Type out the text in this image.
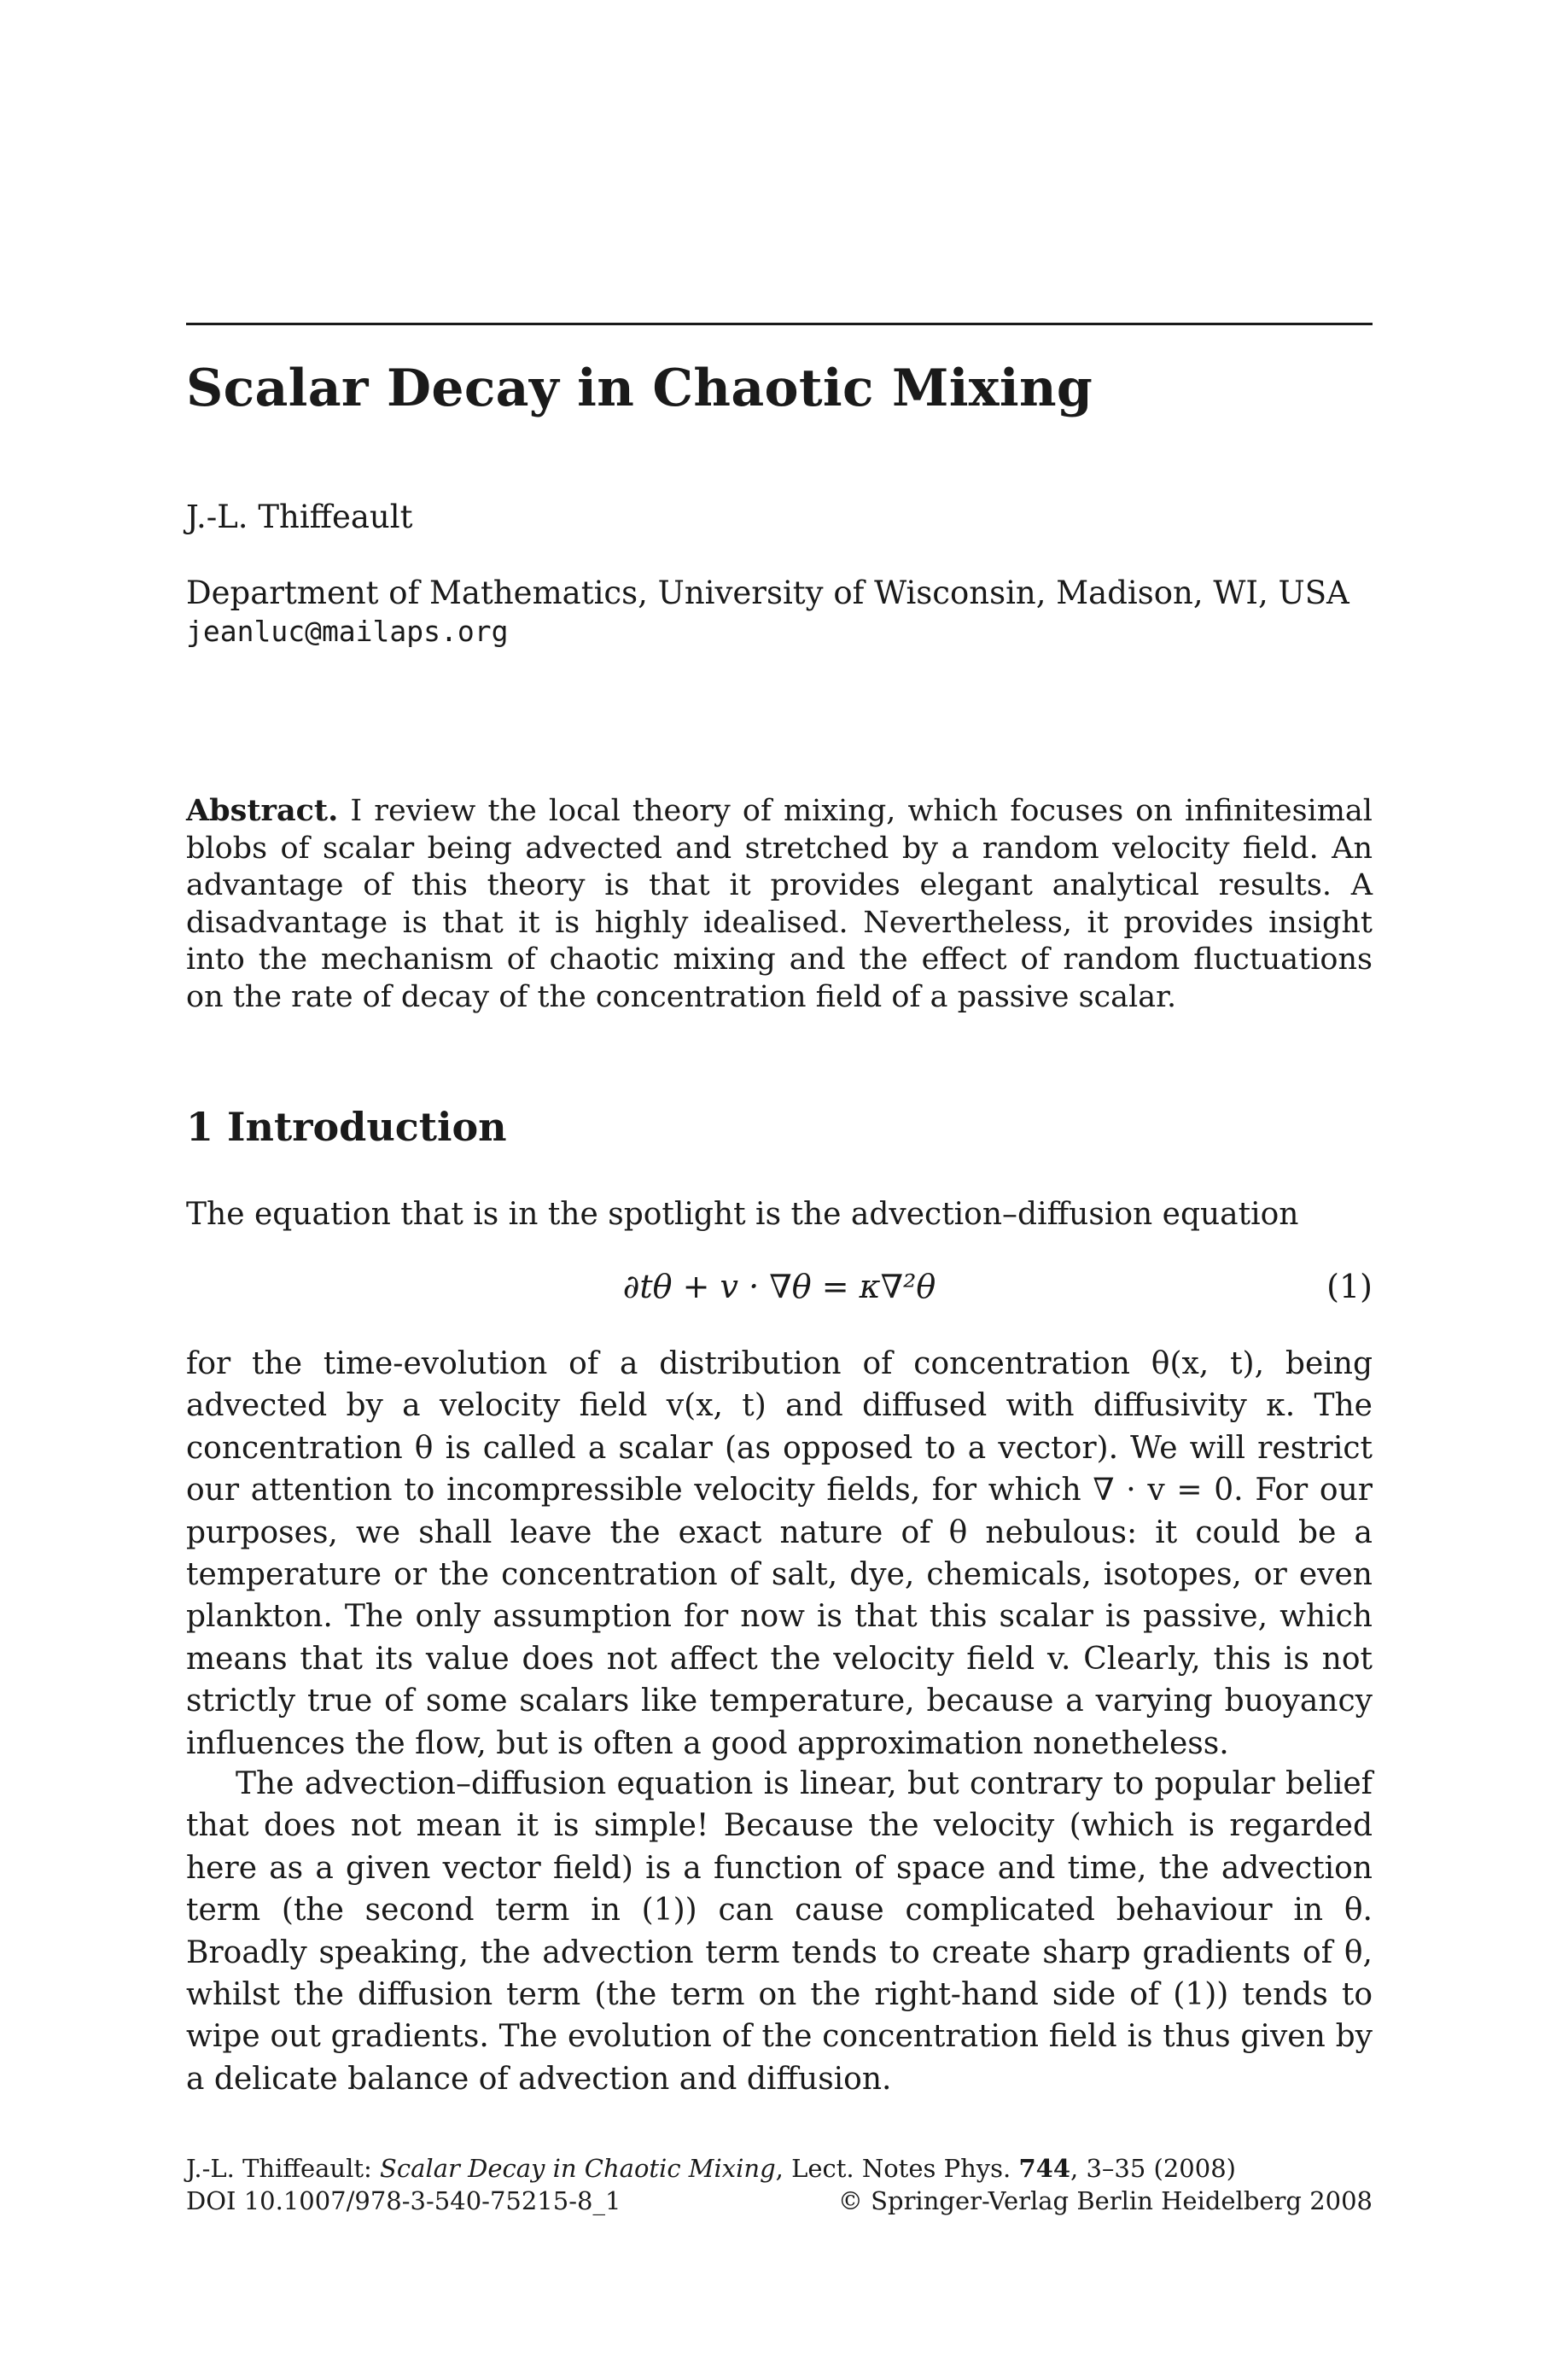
Scalar Decay in Chaotic Mixing
J.-L. Thiffeault
Department of Mathematics, University of Wisconsin, Madison, WI, USA
jeanluc@mailaps.org

Abstract. I review the local theory of mixing, which focuses on infinitesimal blobs of scalar being advected and stretched by a random velocity field. An advantage of this theory is that it provides elegant analytical results. A disadvantage is that it is highly idealised. Nevertheless, it provides insight into the mechanism of chaotic mixing and the effect of random fluctuations on the rate of decay of the concentration field of a passive scalar.

1 Introduction

The equation that is in the spotlight is the advection–diffusion equation

∂tθ + v · ∇θ = κ∇²θ	(1)

for the time-evolution of a distribution of concentration θ(x, t), being advected by a velocity field v(x, t) and diffused with diffusivity κ. The concentration θ is called a scalar (as opposed to a vector). We will restrict our attention to incompressible velocity fields, for which ∇ · v = 0. For our purposes, we shall leave the exact nature of θ nebulous: it could be a temperature or the concentration of salt, dye, chemicals, isotopes, or even plankton. The only assumption for now is that this scalar is passive, which means that its value does not affect the velocity field v. Clearly, this is not strictly true of some scalars like temperature, because a varying buoyancy influences the flow, but is often a good approximation nonetheless.

The advection–diffusion equation is linear, but contrary to popular belief that does not mean it is simple! Because the velocity (which is regarded here as a given vector field) is a function of space and time, the advection term (the second term in (1)) can cause complicated behaviour in θ. Broadly speaking, the advection term tends to create sharp gradients of θ, whilst the diffusion term (the term on the right-hand side of (1)) tends to wipe out gradients. The evolution of the concentration field is thus given by a delicate balance of advection and diffusion.

J.-L. Thiffeault: Scalar Decay in Chaotic Mixing, Lect. Notes Phys. 744, 3–35 (2008)
DOI 10.1007/978-3-540-75215-8_1	© Springer-Verlag Berlin Heidelberg 2008
